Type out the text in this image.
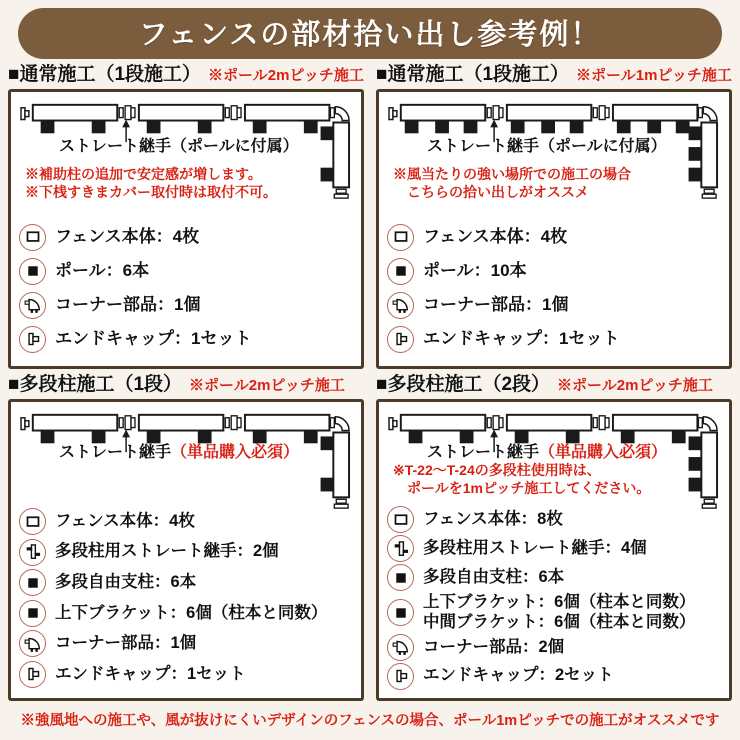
フェンスの部材拾い出し参考例！
■通常施工（1段施工） ※ポール2mピッチ施工
ストレート継手（ポールに付属）
※補助柱の追加で安定感が増します。
※下桟すきまカバー取付時は取付不可。
フェンス本体：4枚
ポール：6本
コーナー部品：1個
エンドキャップ：1セット
■通常施工（1段施工） ※ポール1mピッチ施工
ストレート継手（ポールに付属）
※風当たりの強い場所での施工の場合
こちらの拾い出しがオススメ
フェンス本体：4枚
ポール：10本
コーナー部品：1個
エンドキャップ：1セット
■多段柱施工（1段） ※ポール2mピッチ施工
ストレート継手（単品購入必須）
フェンス本体：4枚
多段柱用ストレート継手：2個
多段自由支柱：6本
上下ブラケット：6個（柱本と同数）
コーナー部品：1個
エンドキャップ：1セット
■多段柱施工（2段） ※ポール2mピッチ施工
ストレート継手（単品購入必須）
※T-22～T-24の多段柱使用時は、
ポールを1mピッチ施工してください。
フェンス本体：8枚
多段柱用ストレート継手：4個
多段自由支柱：6本
上下ブラケット：6個（柱本と同数）
中間ブラケット：6個（柱本と同数）
コーナー部品：2個
エンドキャップ：2セット
※強風地への施工や、風が抜けにくいデザインのフェンスの場合、ポール1mピッチでの施工がオススメです
